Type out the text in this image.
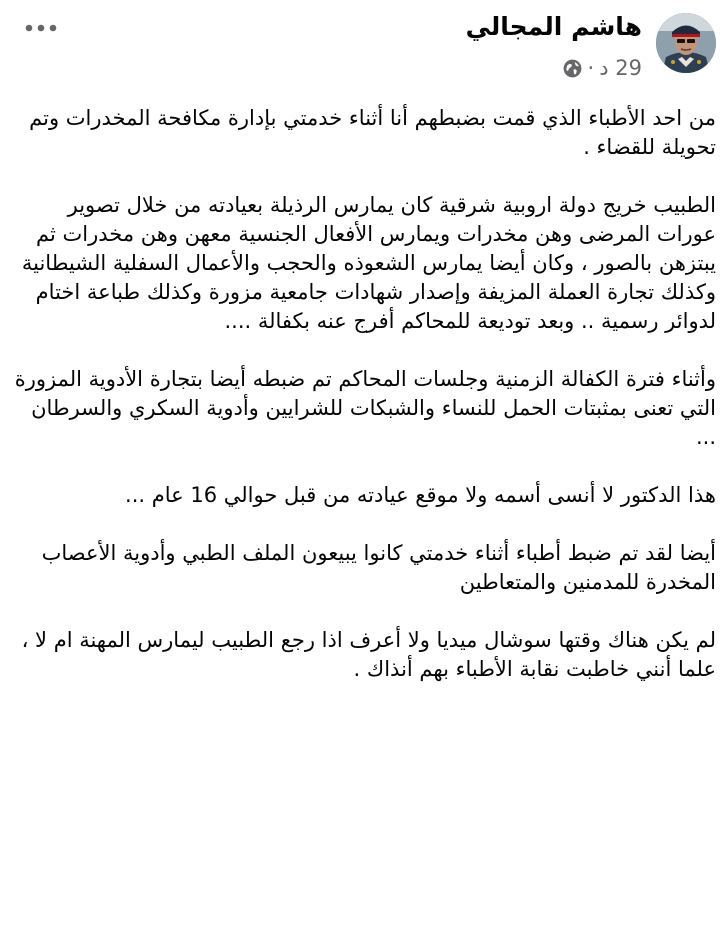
هاشم المجالي
29 د
·

من احد الأطباء الذي قمت بضبطهم أنا أثناء خدمتي بإدارة مكافحة المخدرات وتم تحويلة للقضاء .

الطبيب خريج دولة اروبية شرقية كان يمارس الرذيلة بعيادته من خلال تصوير عورات المرضى وهن مخدرات ويمارس الأفعال الجنسية معهن وهن مخدرات ثم يبتزهن بالصور ، وكان أيضا يمارس الشعوذه والحجب والأعمال السفلية الشيطانية وكذلك تجارة العملة المزيفة وإصدار شهادات جامعية مزورة وكذلك طباعة اختام لدوائر رسمية .. وبعد توديعة للمحاكم أفرج عنه بكفالة ....

وأثناء فترة الكفالة الزمنية وجلسات المحاكم تم ضبطه أيضا بتجارة الأدوية المزورة التي تعنى بمثبتات الحمل للنساء والشبكات للشرايين وأدوية السكري والسرطان ...

هذا الدكتور لا أنسى أسمه ولا موقع عيادته من قبل حوالي 16 عام ...

أيضا لقد تم ضبط أطباء أثناء خدمتي كانوا يبيعون الملف الطبي وأدوية الأعصاب المخدرة للمدمنين والمتعاطين

لم يكن هناك وقتها سوشال ميديا ولا أعرف اذا رجع الطبيب ليمارس المهنة ام لا ، علما أنني خاطبت نقابة الأطباء بهم أنذاك .
